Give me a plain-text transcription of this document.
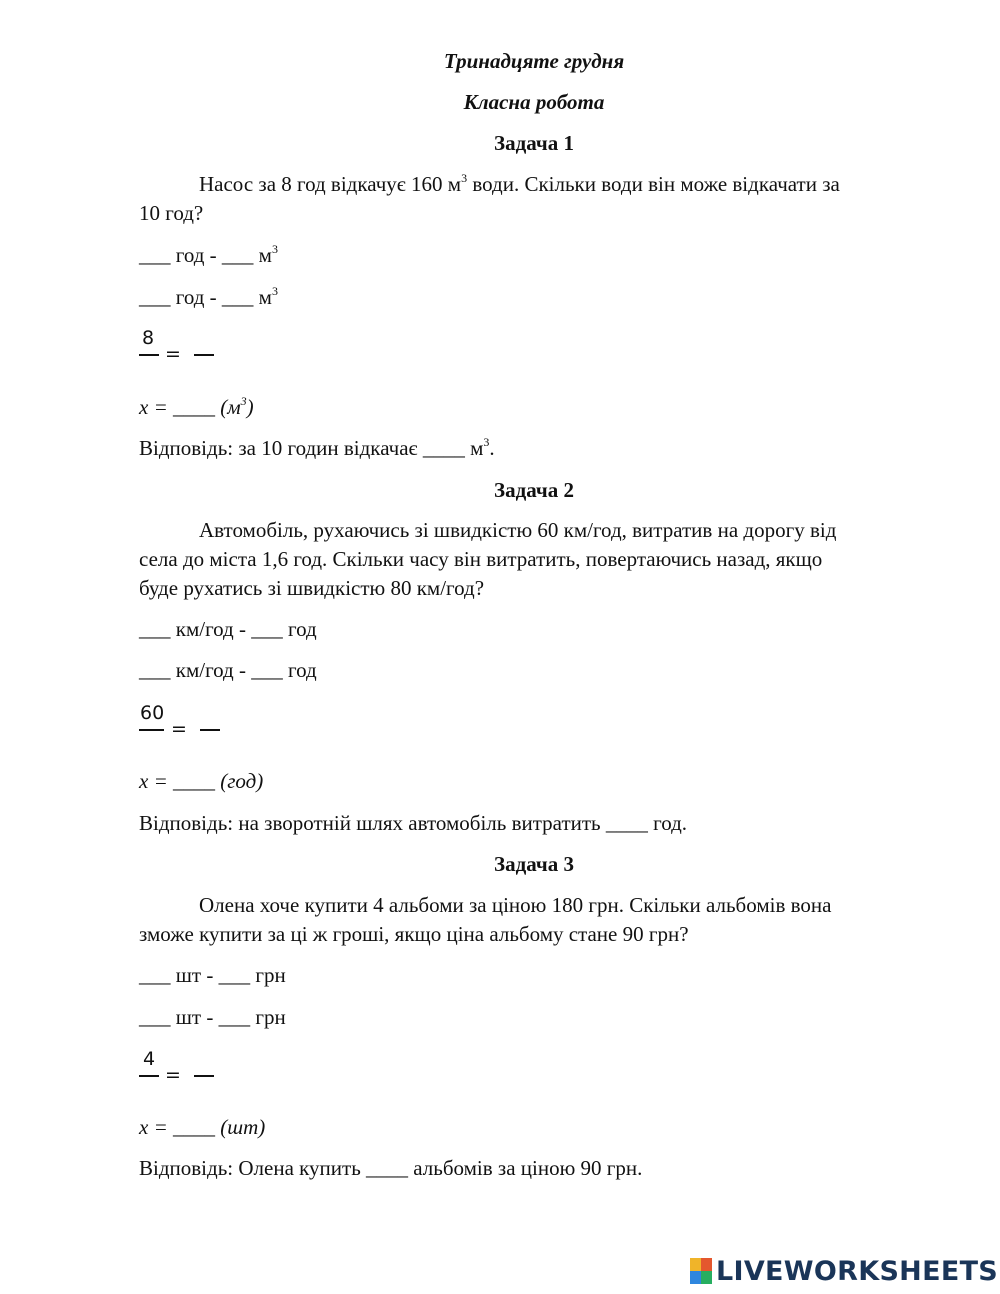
Тринадцяте грудня
Класна робота
Задача 1
Насос за 8 год відкачує 160 $м^3$ води. Скільки води він може відкачати за
10 год?
___ год - ___ $м^3$
___ год - ___ $м^3$
8
=
x = ____ $(м^3)$
Відповідь: за 10 годин відкачає ____ $м^3$.
Задача 2
Автомобіль, рухаючись зі швидкістю 60 км/год, витратив на дорогу від
села до міста 1,6 год. Скільки часу він витратить, повертаючись назад, якщо
буде рухатись зі швидкістю 80 км/год?
___ км/год - ___ год
___ км/год - ___ год
60
=
x = ____ (год)
Відповідь: на зворотній шлях автомобіль витратить ____ год.
Задача 3
Олена хоче купити 4 альбоми за ціною 180 грн. Скільки альбомів вона
зможе купити за ці ж гроші, якщо ціна альбому стане 90 грн?
___ шт - ___ грн
___ шт - ___ грн
4
=
x = ____ (шт)
Відповідь: Олена купить ____ альбомів за ціною 90 грн.
LIVEWORKSHEETS
